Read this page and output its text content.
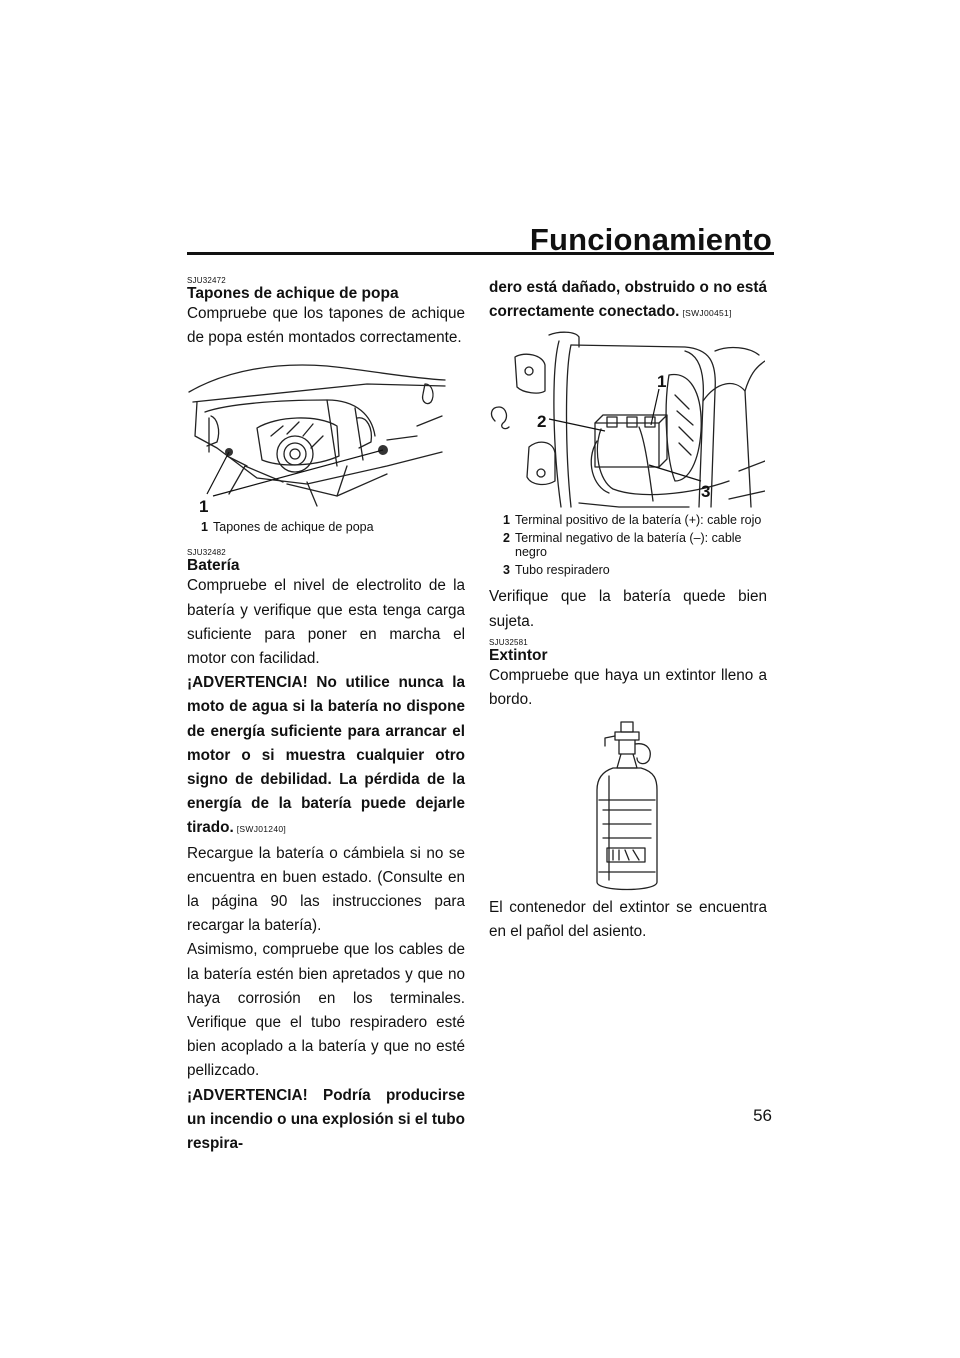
Funcionamiento
SJU32472
Tapones de achique de popa

Compruebe que los tapones de achique de popa estén montados correctamente.

1
1 Tapones de achique de popa
SJU32482
Batería

Compruebe el nivel de electrolito de la batería y verifique que esta tenga carga suficiente para poner en marcha el motor con facilidad.

¡ADVERTENCIA! No utilice nunca la moto de agua si la batería no dispone de energía suficiente para arrancar el motor o si muestra cualquier otro signo de debilidad. La pérdida de la energía de la batería puede dejarle tirado. [SWJ01240]

Recargue la batería o cámbiela si no se encuentra en buen estado. (Consulte en la página 90 las instrucciones para recargar la batería).

Asimismo, compruebe que los cables de la batería estén bien apretados y que no haya corrosión en los terminales. Verifique que el tubo respiradero esté bien acoplado a la batería y que no esté pellizcado.

¡ADVERTENCIA! Podría producirse un incendio o una explosión si el tubo respira-

dero está dañado, obstruido o no está correctamente conectado. [SWJ00451]

1
2
3
1 Terminal positivo de la batería (+): cable rojo
2 Terminal negativo de la batería (–): cable negro
3 Tubo respiradero

Verifique que la batería quede bien sujeta.

SJU32581
Extintor

Compruebe que haya un extintor lleno a bordo.

El contenedor del extintor se encuentra en el pañol del asiento.

56
